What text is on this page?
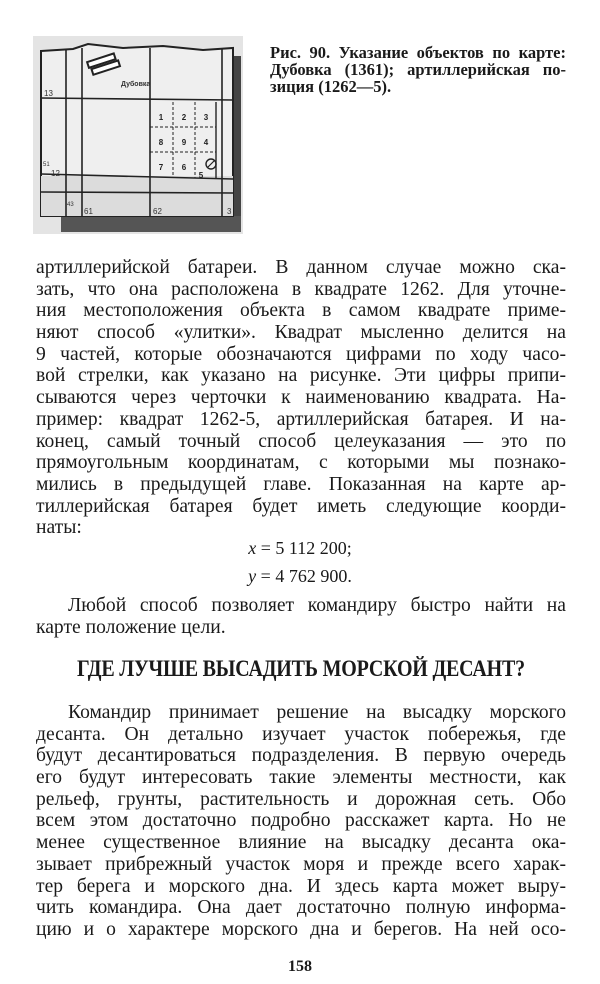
Дубовка
13
51
12
43
61	62	3
1 2 3
8 9 4
7 6
5
Рис. 90. Указание объектов по карте:
Дубовка (1361); артиллерийская по-
зиция (1262—5).
артиллерийской батареи. В данном случае можно ска-
зать, что она расположена в квадрате 1262. Для уточне-
ния местоположения объекта в самом квадрате приме-
няют способ «улитки». Квадрат мысленно делится на
9 частей, которые обозначаются цифрами по ходу часо-
вой стрелки, как указано на рисунке. Эти цифры припи-
сываются через черточки к наименованию квадрата. На-
пример: квадрат 1262-5, артиллерийская батарея. И на-
конец, самый точный способ целеуказания — это по
прямоугольным координатам, с которыми мы познако-
мились в предыдущей главе. Показанная на карте ар-
тиллерийская батарея будет иметь следующие коорди-
наты:
x = 5 112 200;
y = 4 762 900.
Любой способ позволяет командиру быстро найти на
карте положение цели.
ГДЕ ЛУЧШЕ ВЫСАДИТЬ МОРСКОЙ ДЕСАНТ?
Командир принимает решение на высадку морского
десанта. Он детально изучает участок побережья, где
будут десантироваться подразделения. В первую очередь
его будут интересовать такие элементы местности, как
рельеф, грунты, растительность и дорожная сеть. Обо
всем этом достаточно подробно расскажет карта. Но не
менее существенное влияние на высадку десанта ока-
зывает прибрежный участок моря и прежде всего харак-
тер берега и морского дна. И здесь карта может выру-
чить командира. Она дает достаточно полную информа-
цию и о характере морского дна и берегов. На ней осо-
158
